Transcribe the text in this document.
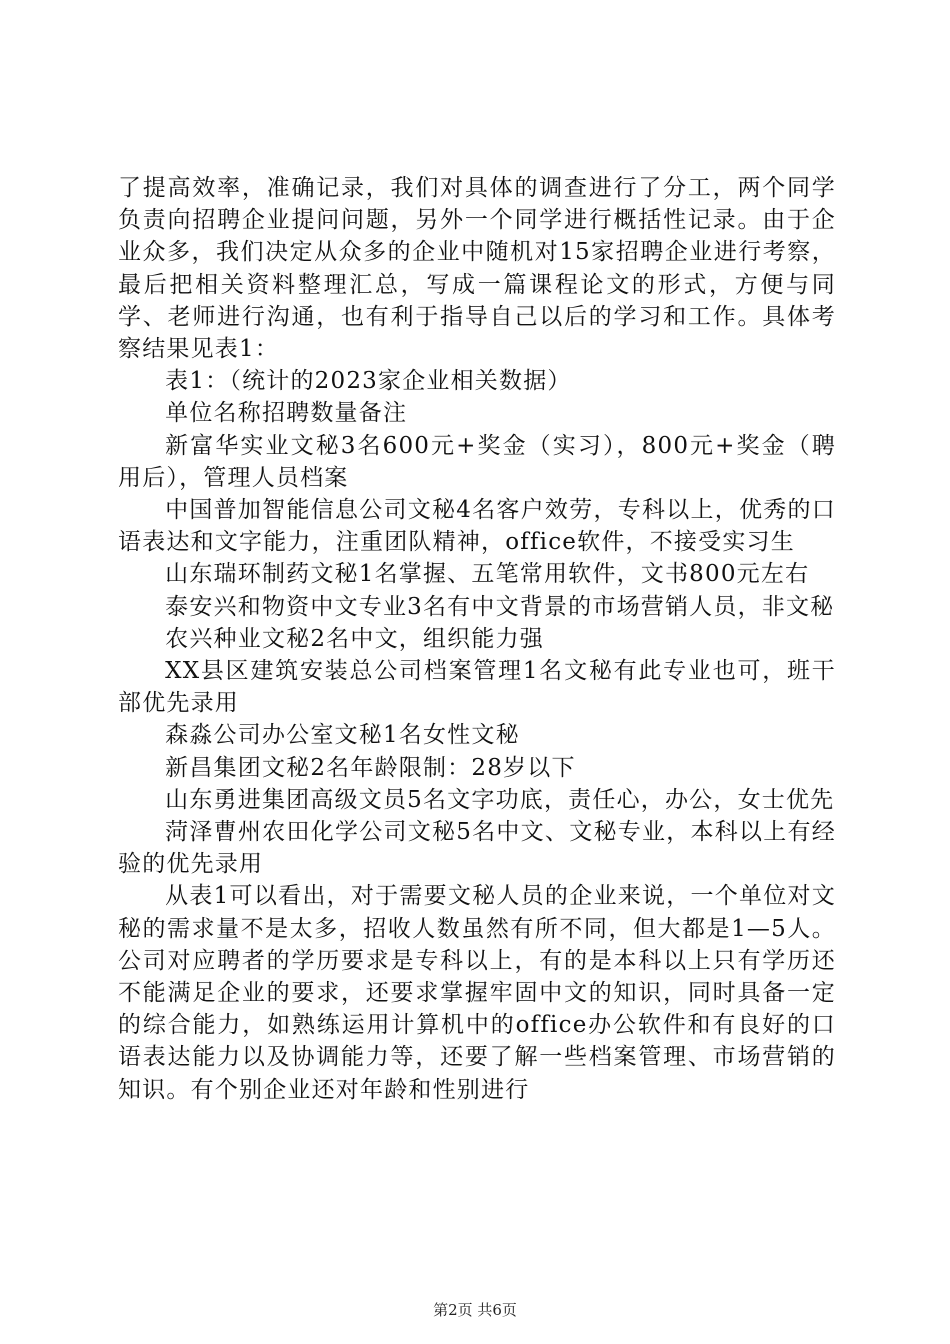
了提高效率，准确记录，我们对具体的调查进行了分工，两个同学负责向招聘企业提问问题，另外一个同学进行概括性记录。由于企业众多，我们决定从众多的企业中随机对15家招聘企业进行考察，最后把相关资料整理汇总，写成一篇课程论文的形式，方便与同学、老师进行沟通，也有利于指导自己以后的学习和工作。具体考察结果见表1：

表1：（统计的2023家企业相关数据）

单位名称招聘数量备注

新富华实业文秘3名600元+奖金（实习），800元+奖金（聘用后），管理人员档案

中国普加智能信息公司文秘4名客户效劳，专科以上，优秀的口语表达和文字能力，注重团队精神，office软件，不接受实习生

山东瑞环制药文秘1名掌握、五笔常用软件，文书800元左右

泰安兴和物资中文专业3名有中文背景的市场营销人员，非文秘

农兴种业文秘2名中文，组织能力强

XX县区建筑安装总公司档案管理1名文秘有此专业也可，班干部优先录用

森淼公司办公室文秘1名女性文秘

新昌集团文秘2名年龄限制：28岁以下

山东勇进集团高级文员5名文字功底，责任心，办公，女士优先

菏泽曹州农田化学公司文秘5名中文、文秘专业，本科以上有经验的优先录用

从表1可以看出，对于需要文秘人员的企业来说，一个单位对文秘的需求量不是太多，招收人数虽然有所不同，但大都是1—5人。公司对应聘者的学历要求是专科以上，有的是本科以上只有学历还不能满足企业的要求，还要求掌握牢固中文的知识，同时具备一定的综合能力，如熟练运用计算机中的office办公软件和有良好的口语表达能力以及协调能力等，还要了解一些档案管理、市场营销的知识。有个别企业还对年龄和性别进行

第2页 共6页
